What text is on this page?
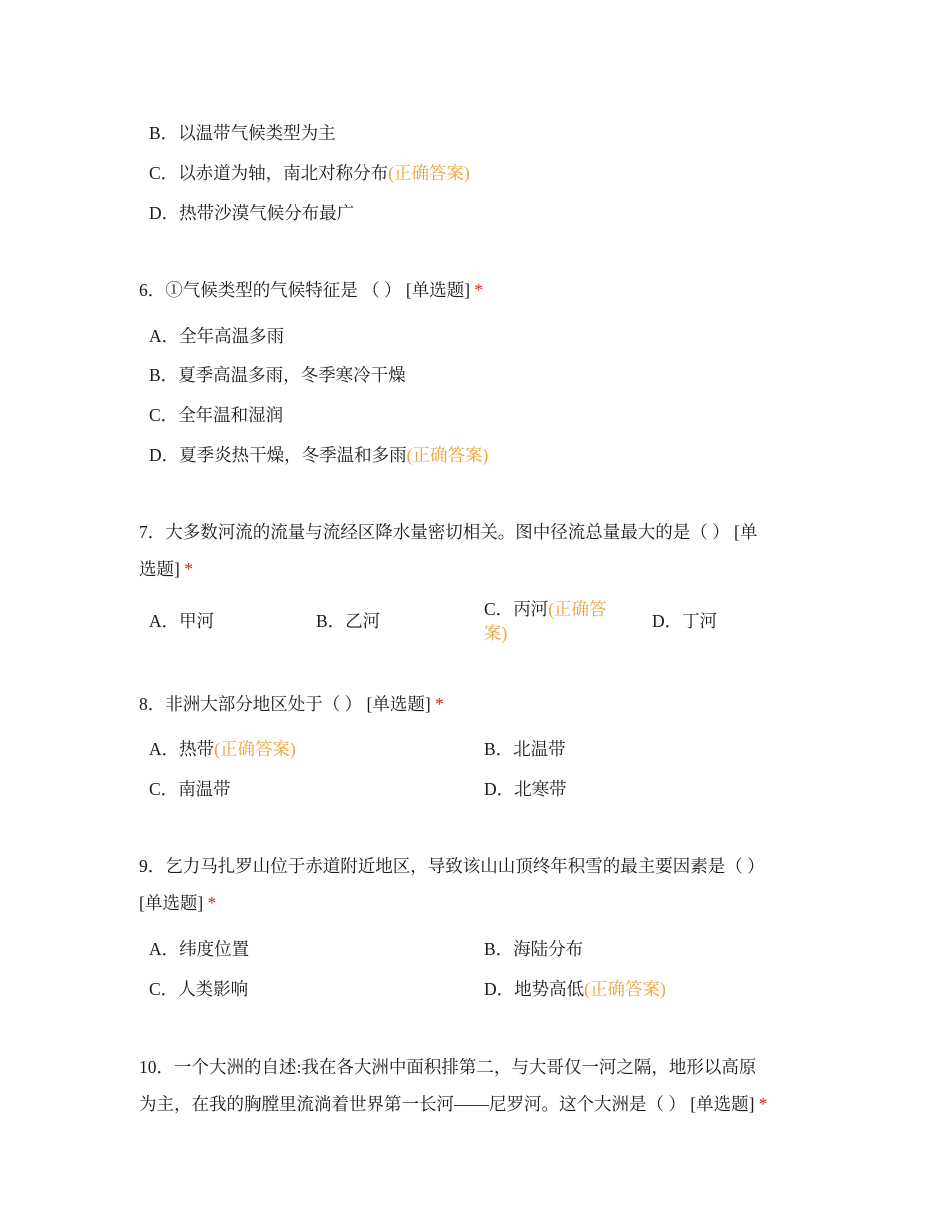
B．以温带气候类型为主
C．以赤道为轴，南北对称分布(正确答案)
D．热带沙漠气候分布最广
6．①气候类型的气候特征是 （ ） [单选题] *
A．全年高温多雨
B．夏季高温多雨，冬季寒冷干燥
C．全年温和湿润
D．夏季炎热干燥，冬季温和多雨(正确答案)
7．大多数河流的流量与流经区降水量密切相关。图中径流总量最大的是（ ） [单
选题] *
A．甲河	B．乙河
C．丙河(正确答
案)
D．丁河
8．非洲大部分地区处于（ ） [单选题] *
A．热带(正确答案)	B．北温带
C．南温带	D．北寒带
9．乞力马扎罗山位于赤道附近地区，导致该山山顶终年积雪的最主要因素是（ ）
[单选题] *
A．纬度位置	B．海陆分布
C．人类影响	D．地势高低(正确答案)
10．一个大洲的自述:我在各大洲中面积排第二，与大哥仅一河之隔，地形以高原
为主，在我的胸膛里流淌着世界第一长河——尼罗河。这个大洲是（ ） [单选题] *
